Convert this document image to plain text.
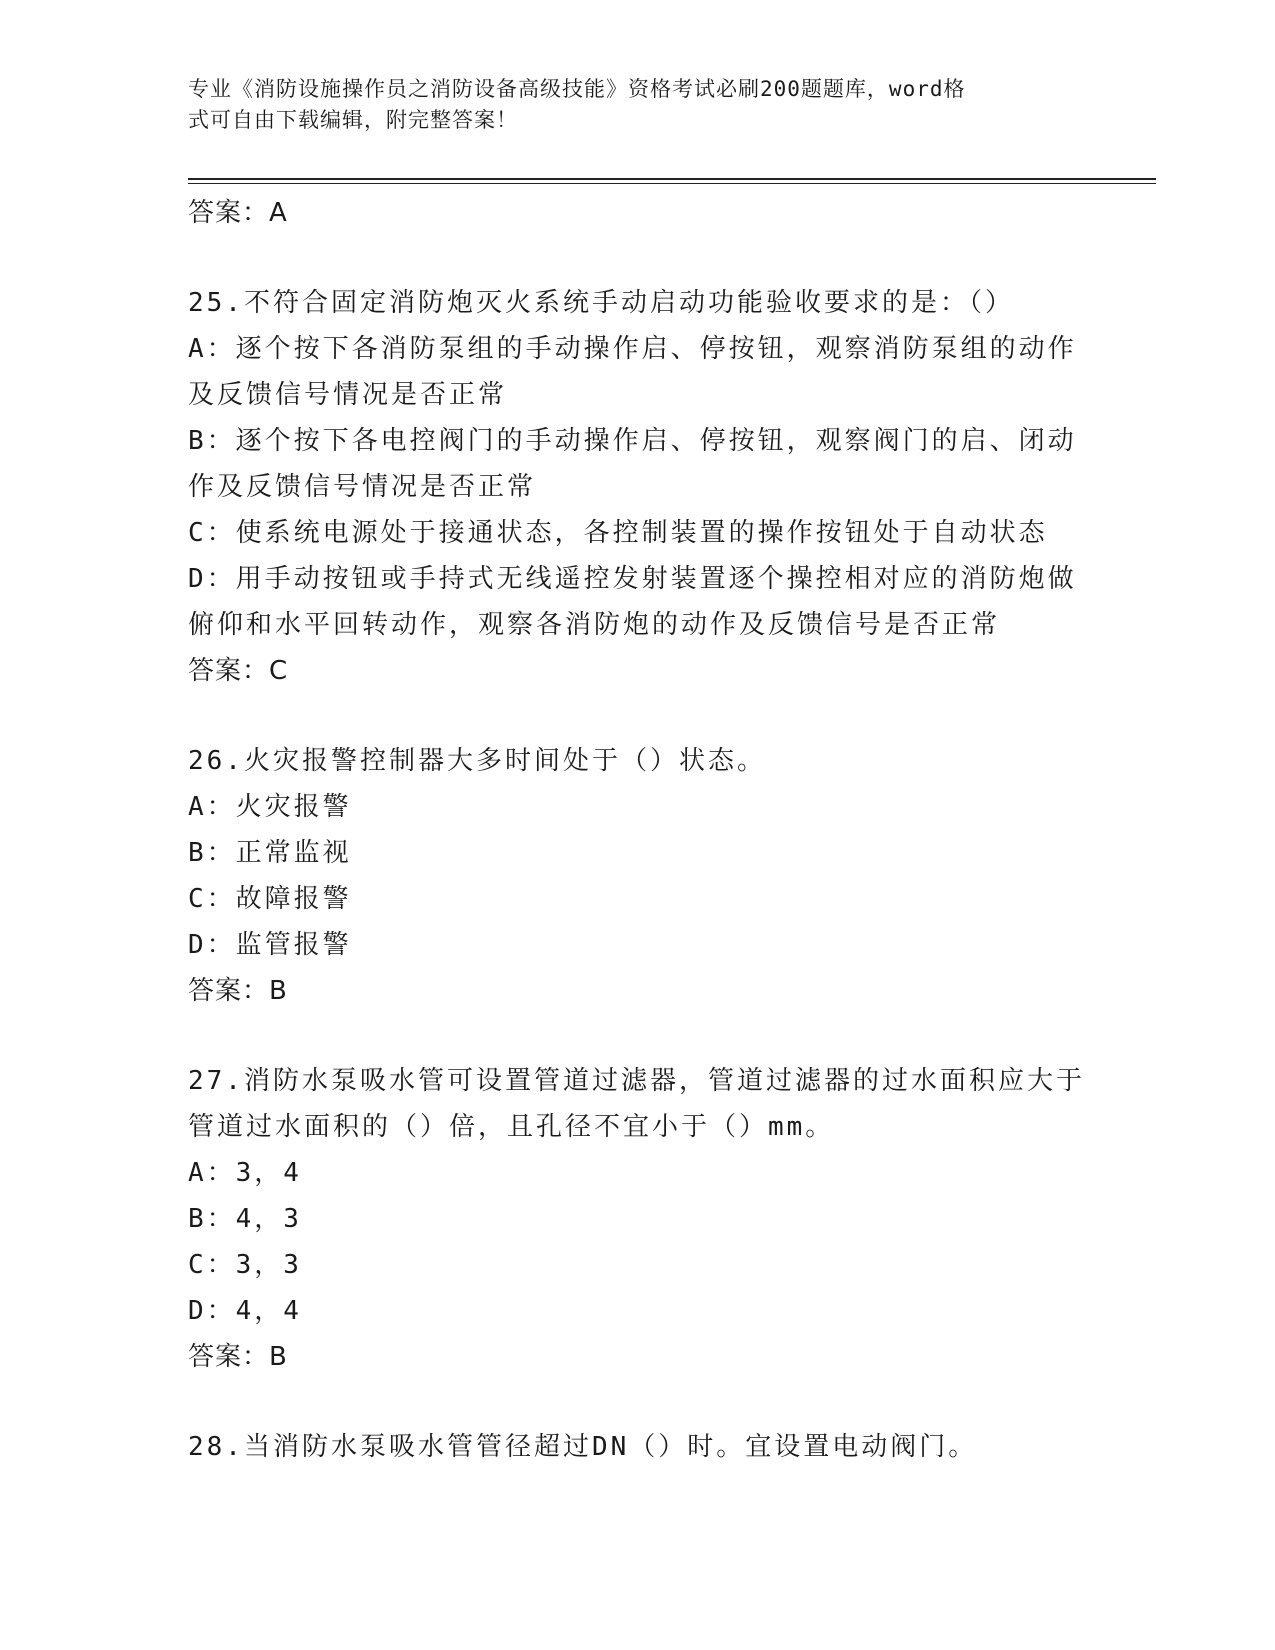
专业《消防设施操作员之消防设备高级技能》资格考试必刷200题题库，word格
式可自由下载编辑，附完整答案！
答案：A
25.不符合固定消防炮灭火系统手动启动功能验收要求的是：（）
A：逐个按下各消防泵组的手动操作启、停按钮，观察消防泵组的动作
及反馈信号情况是否正常
B：逐个按下各电控阀门的手动操作启、停按钮，观察阀门的启、闭动
作及反馈信号情况是否正常
C：使系统电源处于接通状态，各控制装置的操作按钮处于自动状态
D：用手动按钮或手持式无线遥控发射装置逐个操控相对应的消防炮做
俯仰和水平回转动作，观察各消防炮的动作及反馈信号是否正常
答案：C
26.火灾报警控制器大多时间处于（）状态。
A：火灾报警
B：正常监视
C：故障报警
D：监管报警
答案：B
27.消防水泵吸水管可设置管道过滤器，管道过滤器的过水面积应大于
管道过水面积的（）倍，且孔径不宜小于（）mm。
A：3，4
B：4，3
C：3，3
D：4，4
答案：B
28.当消防水泵吸水管管径超过DN（）时。宜设置电动阀门。
